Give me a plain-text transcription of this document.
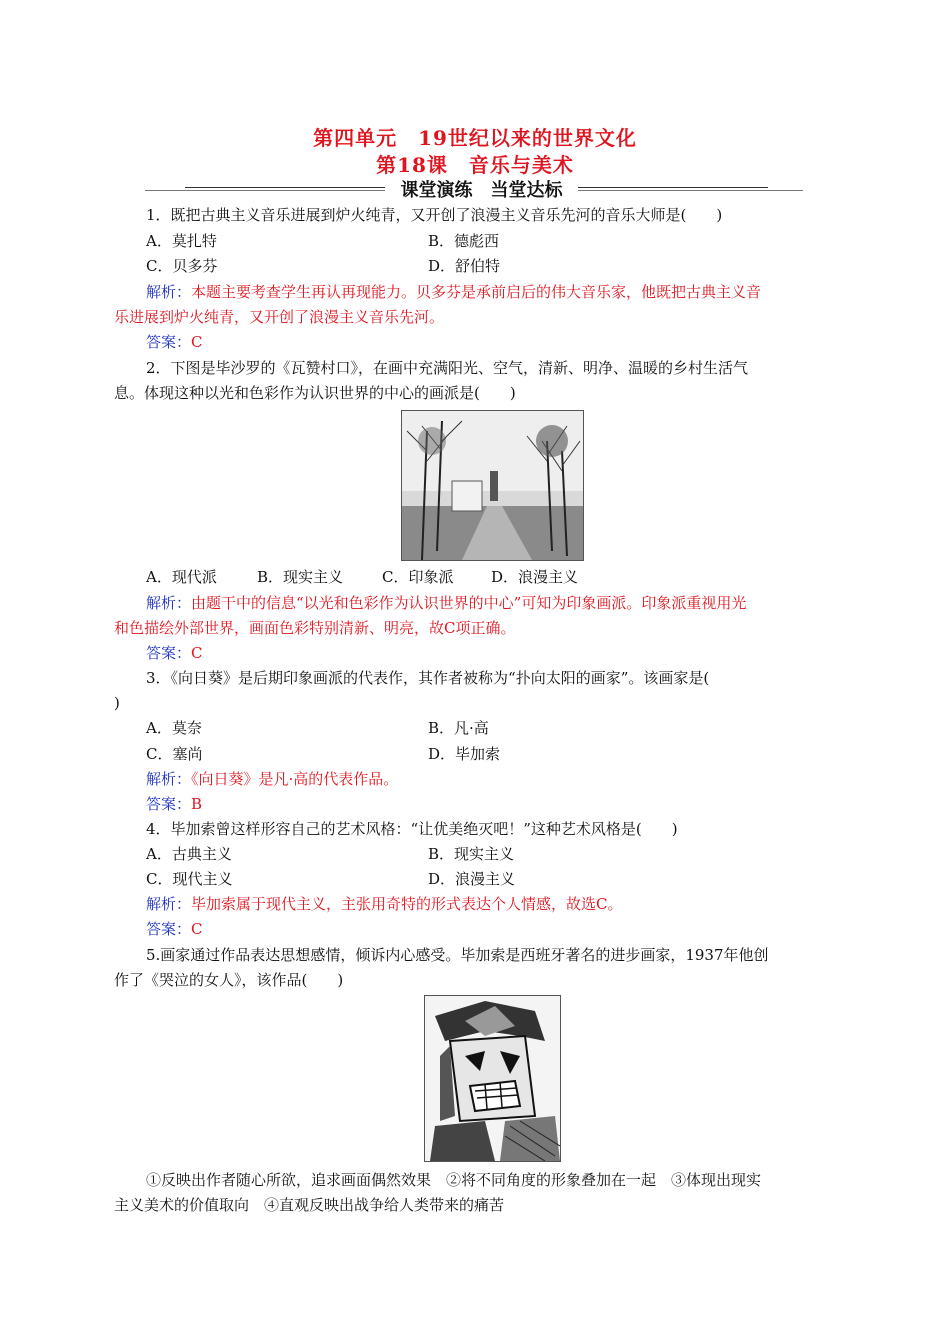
第四单元　19世纪以来的世界文化
第18课　音乐与美术
课堂演练　当堂达标
1．既把古典主义音乐进展到炉火纯青，又开创了浪漫主义音乐先河的音乐大师是(　　)
A．莫扎特	B．德彪西
C．贝多芬	D．舒伯特
解析：本题主要考查学生再认再现能力。贝多芬是承前启后的伟大音乐家，他既把古典主义音
乐进展到炉火纯青，又开创了浪漫主义音乐先河。
答案：C
2．下图是毕沙罗的《瓦赞村口》，在画中充满阳光、空气，清新、明净、温暖的乡村生活气
息。体现这种以光和色彩作为认识世界的中心的画派是(　　)
A．现代派	B．现实主义	C．印象派	D．浪漫主义
解析：由题干中的信息“以光和色彩作为认识世界的中心”可知为印象画派。印象派重视用光
和色描绘外部世界，画面色彩特别清新、明亮，故C项正确。
答案：C
3．《向日葵》是后期印象画派的代表作，其作者被称为“扑向太阳的画家”。该画家是(
)
A．莫奈	B．凡·高
C．塞尚	D．毕加索
解析：《向日葵》是凡·高的代表作品。
答案：B
4．毕加索曾这样形容自己的艺术风格：“让优美绝灭吧！”这种艺术风格是(　　)
A．古典主义	B．现实主义
C．现代主义	D．浪漫主义
解析：毕加索属于现代主义，主张用奇特的形式表达个人情感，故选C。
答案：C
5.画家通过作品表达思想感情，倾诉内心感受。毕加索是西班牙著名的进步画家，1937年他创
作了《哭泣的女人》，该作品(　　)
①反映出作者随心所欲，追求画面偶然效果　②将不同角度的形象叠加在一起　③体现出现实
主义美术的价值取向　④直观反映出战争给人类带来的痛苦
